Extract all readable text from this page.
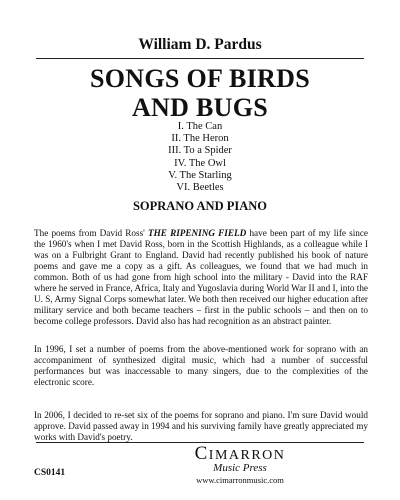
William D. Pardus
SONGS OF BIRDS
AND BUGS
I. The Can
II. The Heron
III. To a Spider
IV. The Owl
V. The Starling
VI. Beetles
SOPRANO AND PIANO

The poems from David Ross' THE RIPENING FIELD have been part of my life since the 1960's when I met David Ross, born in the Scottish Highlands, as a colleague while I was on a Fulbright Grant to England. David had recently published his book of nature poems and gave me a copy as a gift. As colleagues, we found that we had much in common. Both of us had gone from high school into the military - David into the RAF where he served in France, Africa, Italy and Yugoslavia during World War II and I, into the U. S, Army Signal Corps somewhat later. We both then received our higher education after military service and both became teachers – first in the public schools – and then on to become college professors. David also has had recognition as an abstract painter.

In 1996, I set a number of poems from the above-mentioned work for soprano with an accompaniment of synthesized digital music, which had a number of successful performances but was inaccessable to many singers, due to the complexities of the electronic score.

In 2006, I decided to re-set six of the poems for soprano and piano. I'm sure David would approve. David passed away in 1994 and his surviving family have greatly appreciated my works with David's poetry.

CS0141
CIMARRON
Music Press
www.cimarronmusic.com
